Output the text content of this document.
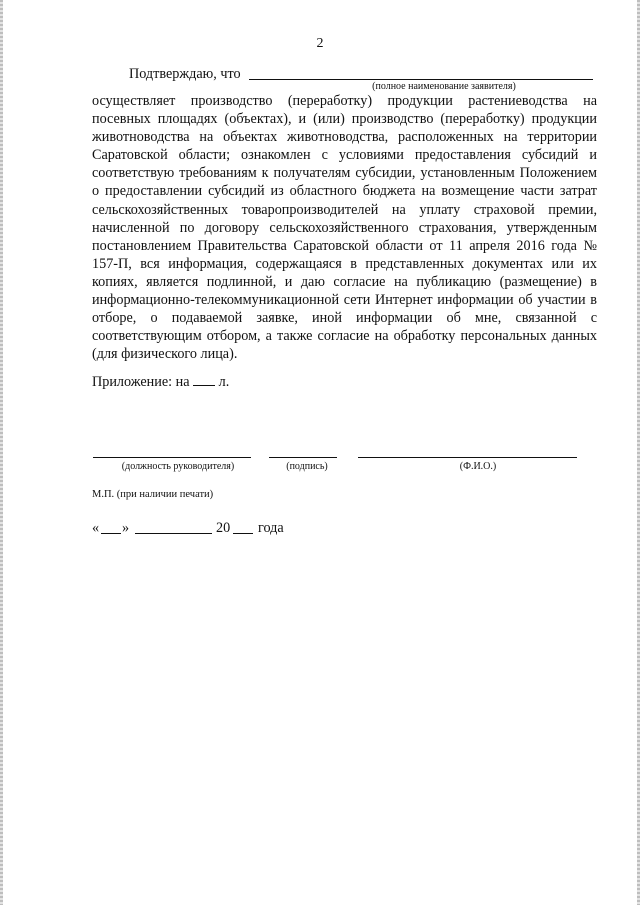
2
Подтверждаю, что
(полное наименование заявителя)

осуществляет производство (переработку) продукции растениеводства на посевных площадях (объектах), и (или) производство (переработку) продукции животноводства на объектах животноводства, расположенных на территории Саратовской области; ознакомлен с условиями предоставления субсидий и соответствую требованиям к получателям субсидии, установленным Положением о предоставлении субсидий из областного бюджета на возмещение части затрат сельскохозяйственных товаропроизводителей на уплату страховой премии, начисленной по договору сельскохозяйственного страхования, утвержденным постановлением Правительства Саратовской области от 11 апреля 2016 года № 157-П, вся информация, содержащаяся в представленных документах или их копиях, является подлинной, и даю согласие на публикацию (размещение) в информационно-телекоммуникационной сети Интернет информации об участии в отборе, о подаваемой заявке, иной информации об мне, связанной с соответствующим отбором, а также согласие на обработку персональных данных (для физического лица).

Приложение: на л.
(должность руководителя)	(подпись)	(Ф.И.О.)
М.П. (при наличии печати)
« »	20 года
